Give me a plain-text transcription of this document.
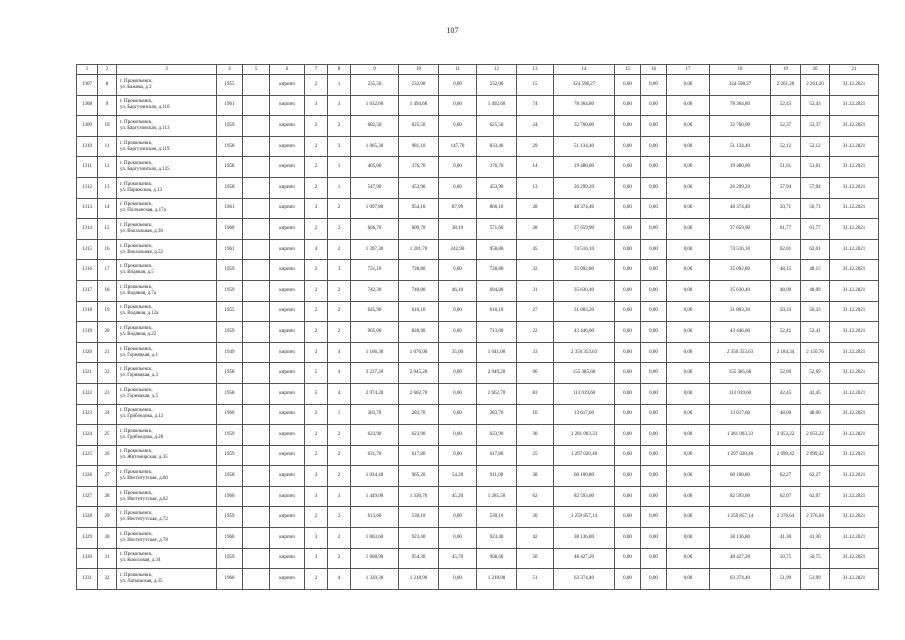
107
1	2	3	4	5	6	7	8	9	10	11	12	13	14	15	16	17	18	19	20	21
1307	8	г. Прокопьевск,
ул. Бажова, д.3	1955		кирпич	2	1	235,50	232,00	0,00	232,00	15	324 598,27	0,00	0,00	0,00	324 598,27	2 261,20	2 261,20	31.12.2021
1308	9	г. Прокопьевск,
ул. Баргузинская, д.110	1961		кирпич	3	3	1 632,60	1 494,60	0,00	1 492,60	74	78 364,80	0,00	0,00	0,00	78 364,80	52,43	52,43	31.12.2021
1309	10	г. Прокопьевск,
ул. Баргузинская, д.113	1959		кирпич	2	2	682,50	625,50	0,00	625,50	24	32 760,00	0,00	0,00	0,00	32 760,00	52,37	52,37	31.12.2021
1310	11	г. Прокопьевск,
ул. Баргузинская, д.119	1958		кирпич	2	3	1 065,30	981,10	147,70	833,40	29	51 134,40	0,00	0,00	0,00	51 134,40	52,12	52,12	31.12.2021
1311	12	г. Прокопьевск,
ул. Баргузинская, д.125	1958		кирпич	2	1	405,00	376,70	0,00	376,70	14	19 480,00	0,00	0,00	0,00	19 480,00	51,61	51,61	31.12.2021
1312	13	г. Прокопьевск,
ул. Парижская, д.13	1958		кирпич	2	1	547,90	453,90	0,00	453,90	13	26 299,20	0,00	0,00	0,00	26 299,20	57,94	57,94	31.12.2021
1313	14	г. Прокопьевск,
ул. Полчанская, д.17а	1961		кирпич	3	2	1 097,80	954,10	87,99	866,10	28	48 374,40	0,00	0,00	0,00	48 374,40	50,71	50,71	31.12.2021
1314	15	г. Прокопьевск,
ул. Вокзальная, д.30	1960		кирпич	2	2	666,70	609,70	38,10	571,60	28	37 659,90	0,00	0,00	0,00	37 659,90	61,77	61,77	31.12.2021
1315	16	г. Прокопьевск,
ул. Вокзальная, д.52	1961		кирпич	4	2	1 397,30	1 201,70	242,90	958,80	45	74 516,10	0,00	0,00	0,00	74 516,10	62,01	62,01	31.12.2021
1316	17	г. Прокопьевск,
ул. Водяная, д.5	1959		кирпич	2	3	731,10	728,80	0,00	728,80	32	35 092,80	0,00	0,00	0,00	35 092,80	48,15	48,15	31.12.2021
1317	18	г. Прокопьевск,
ул. Водяная, д.7а	1959		кирпич	2	2	742,30	740,80	46,10	694,80	31	35 630,40	0,00	0,00	0,00	35 630,40	48,09	48,09	31.12.2021
1318	19	г. Прокопьевск,
ул. Водяная, д.12а	1955		кирпич	2	2	645,90	616,10	0,00	616,10	27	31 003,20	0,00	0,00	0,00	31 003,20	50,33	50,33	31.12.2021
1319	20	г. Прокопьевск,
ул. Водяная, д.22	1959		кирпич	2	2	905,00	828,90	0,00	713,00	22	43 446,00	0,00	0,00	0,00	43 446,00	52,41	52,41	31.12.2021
1320	21	г. Прокопьевск,
ул. Горняцкая, д.1	1949		кирпич	2	4	1 166,30	1 076,00	35,00	1 041,00	33	2 350 353,63	0,00	0,00	0,00	2 350 353,63	2 184,34	2 150,76	31.12.2021
1321	22	г. Прокопьевск,
ул. Горняцкая, д.3	1958		кирпич	5	4	3 237,20	2 945,20	0,00	2 949,20	96	155 385,60	0,00	0,00	0,00	155 385,60	52,69	52,69	31.12.2021
1322	23	г. Прокопьевск,
ул. Горняцкая, д.5	1958		кирпич	5	4	2 974,20	2 662,70	0,00	2 662,70	83	113 019,60	0,00	0,00	0,00	113 019,60	42,45	42,45	31.12.2021
1323	24	г. Прокопьевск,
ул. Грибоедова, д.12	1960		кирпич	2	1	283,70	283,70	0,00	283,70	16	13 617,60	0,00	0,00	0,00	13 617,60	48,00	48,00	31.12.2021
1324	25	г. Прокопьевск,
ул. Грибоедова, д.28	1959		кирпич	2	2	623,90	623,90	0,00	623,90	30	1 281 003,33	0,00	0,00	0,00	1 281 003,33	2 053,22	2 053,22	31.12.2021
1325	26	г. Прокопьевск,
ул. Житомирская, д.35	1959		кирпич	2	2	631,70	617,80	0,00	617,80	25	1 297 020,46	0,00	0,00	0,00	1 297 020,46	2 099,42	2 099,42	31.12.2021
1326	27	г. Прокопьевск,
ул. Институтская, д.60	1958		кирпич	3	2	1 034,40	965,20	54,20	911,00	38	60 100,80	0,00	0,00	0,00	60 100,80	62,27	62,27	31.12.2021
1327	28	г. Прокопьевск,
ул. Институтская, д.62	1960		кирпич	3	3	1 449,00	1 330,70	45,20	1 285,50	62	82 593,00	0,00	0,00	0,00	82 593,00	62,07	62,07	31.12.2021
1328	29	г. Прокопьевск,
ул. Институтская, д.72	1959		кирпич	2	2	613,60	530,10	0,00	530,10	30	1 259 857,14	0,00	0,00	0,00	1 259 857,14	2 376,64	2 376,64	31.12.2021
1329	30	г. Прокопьевск,
ул. Институтская, д.78	1960		кирпич	3	2	1 003,60	923,40	0,00	923,40	42	38 136,80	0,00	0,00	0,00	38 136,80	41,30	41,30	31.12.2021
1330	31	г. Прокопьевск,
ул. Кокосовая, д.34	1959		кирпич	3	2	1 008,90	954,30	45,70	908,60	50	48 427,20	0,00	0,00	0,00	48 427,20	50,75	50,75	31.12.2021
1331	32	г. Прокопьевск,
ул. Латышская, д.35	1960		кирпич	2	4	1 320,30	1 218,90	0,00	1 218,90	51	63 374,40	0,00	0,00	0,00	63 374,40	51,99	51,99	31.12.2021
